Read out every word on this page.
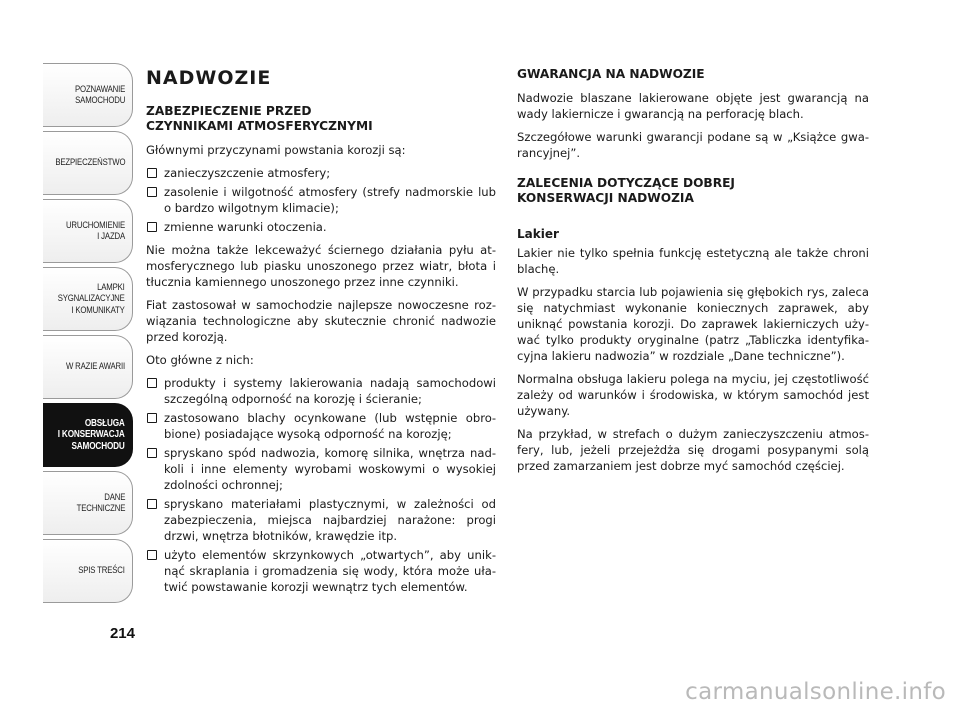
POZNAWANIE
SAMOCHODU
BEZPIECZEŃSTWO
URUCHOMIENIE
I JAZDA
LAMPKI
SYGNALIZACYJNE
I KOMUNIKATY
W RAZIE AWARII
OBSŁUGA
I KONSERWACJA
SAMOCHODU
DANE
TECHNICZNE
SPIS TREŚCI
214
NADWOZIE
ZABEZPIECZENIE PRZED
CZYNNIKAMI ATMOSFERYCZNYMI

Głównymi przyczynami powstania korozji są:

zanieczyszczenie atmosfery;
zasolenie i wilgotność atmosfery (strefy nadmorskie lub o bardzo wilgotnym klimacie);
zmienne warunki otoczenia.

Nie można także lekceważyć ściernego działania pyłu atmosferycznego lub piasku unoszonego przez wiatr, błota i tłucznia kamiennego unoszonego przez inne czynniki.

Fiat zastosował w samochodzie najlepsze nowoczesne rozwiązania technologiczne aby skutecznie chronić nadwozie przed korozją.

Oto główne z nich:

produkty i systemy lakierowania nadają samochodowi szczególną odporność na korozję i ścieranie;
zastosowano blachy ocynkowane (lub wstępnie obrobione) posiadające wysoką odporność na korozję;
spryskano spód nadwozia, komorę silnika, wnętrza nadkoli i inne elementy wyrobami woskowymi o wysokiej zdolności ochronnej;
spryskano materiałami plastycznymi, w zależności od zabezpieczenia, miejsca najbardziej narażone: progi drzwi, wnętrza błotników, krawędzie itp.
użyto elementów skrzynkowych „otwartych”, aby uniknąć skraplania i gromadzenia się wody, która może ułatwić powstawanie korozji wewnątrz tych elementów.
GWARANCJA NA NADWOZIE

Nadwozie blaszane lakierowane objęte jest gwarancją na wady lakiernicze i gwarancją na perforację blach.

Szczegółowe warunki gwarancji podane są w „Książce gwarancyjnej”.

ZALECENIA DOTYCZĄCE DOBREJ
KONSERWACJI NADWOZIA
Lakier

Lakier nie tylko spełnia funkcję estetyczną ale także chroni blachę.

W przypadku starcia lub pojawienia się głębokich rys, zaleca się natychmiast wykonanie koniecznych zaprawek, aby uniknąć powstania korozji. Do zaprawek lakierniczych używać tylko produkty oryginalne (patrz „Tabliczka identyfikacyjna lakieru nadwozia” w rozdziale „Dane techniczne”).

Normalna obsługa lakieru polega na myciu, jej częstotliwość zależy od warunków i środowiska, w którym samochód jest używany.

Na przykład, w strefach o dużym zanieczyszczeniu atmosfery, lub, jeżeli przejeżdża się drogami posypanymi solą przed zamarzaniem jest dobrze myć samochód częściej.

carmanualsonline.info
